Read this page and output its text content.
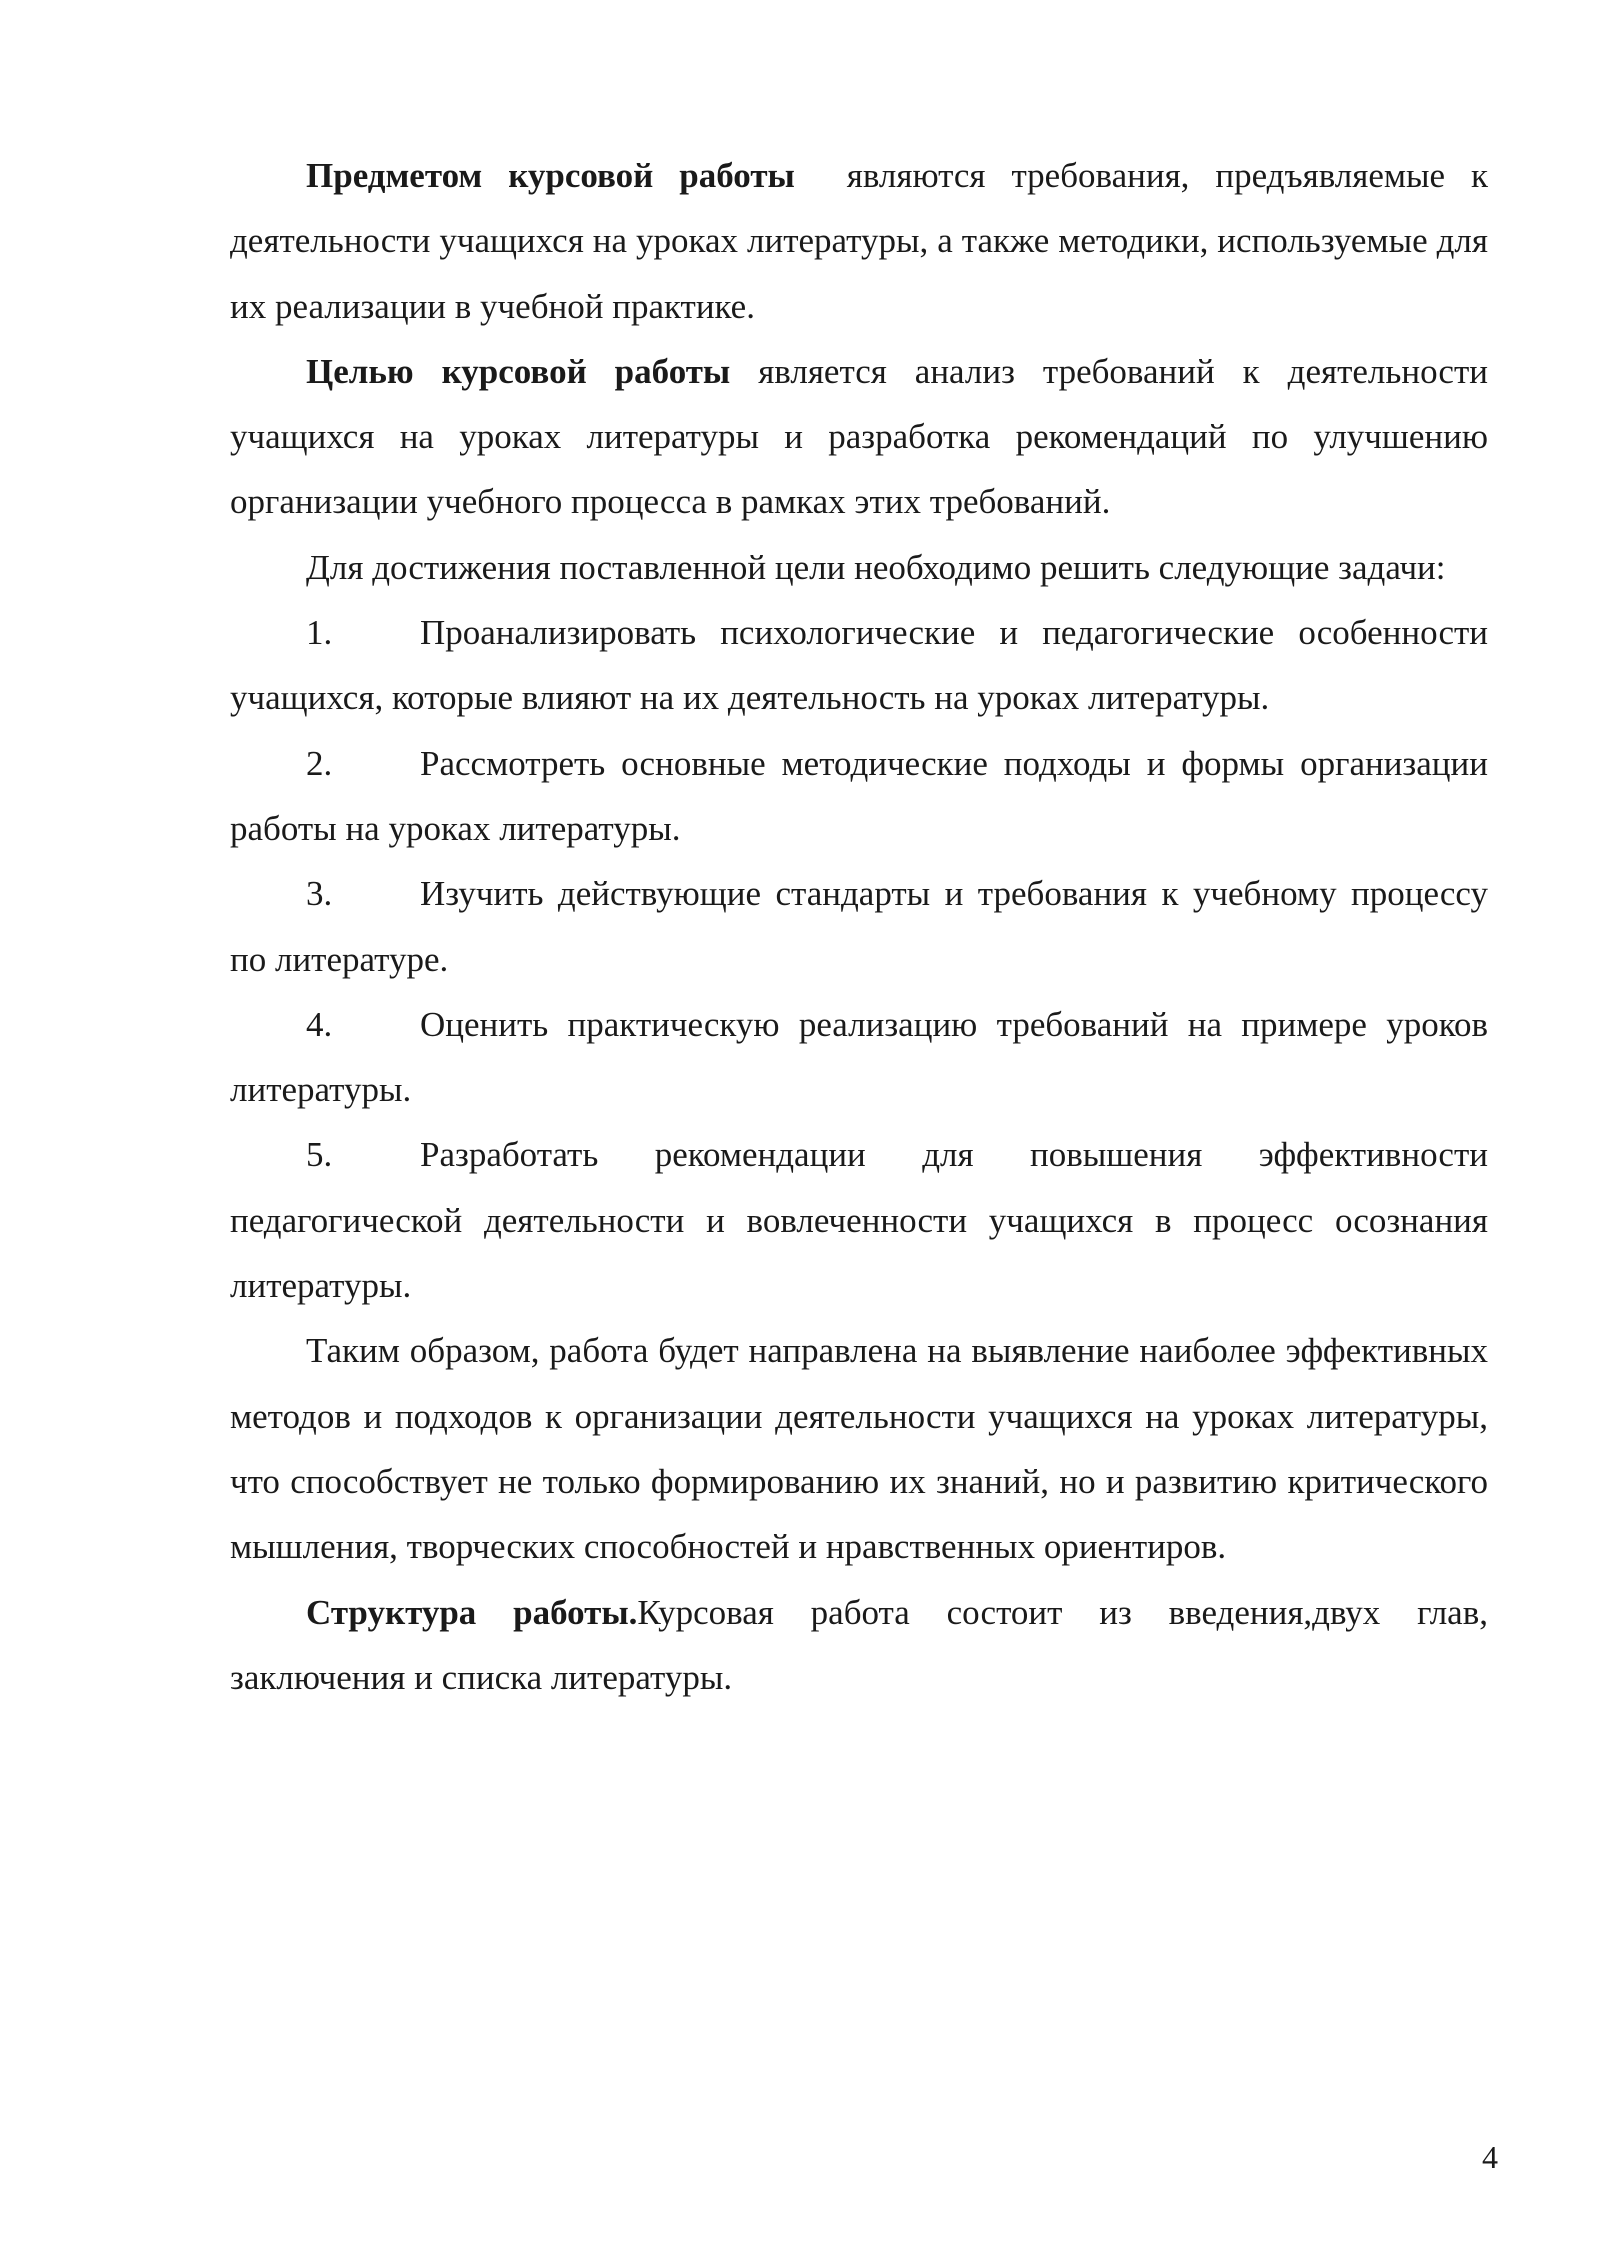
Предметом курсовой работы  являются требования, предъявляемые к деятельности учащихся на уроках литературы, а также методики, используемые для их реализации в учебной практике.

Целью курсовой работы является анализ требований к деятельности учащихся на уроках литературы и разработка рекомендаций по улучшению организации учебного процесса в рамках этих требований.

Для достижения поставленной цели необходимо решить следующие задачи:

1.	Проанализировать психологические и педагогические особенности учащихся, которые влияют на их деятельность на уроках литературы.

2.	Рассмотреть основные методические подходы и формы организации работы на уроках литературы.

3.	Изучить действующие стандарты и требования к учебному процессу по литературе.

4.	Оценить практическую реализацию требований на примере уроков литературы.

5.	Разработать рекомендации для повышения эффективности педагогической деятельности и вовлеченности учащихся в процесс осознания литературы.

Таким образом, работа будет направлена на выявление наиболее эффективных методов и подходов к организации деятельности учащихся на уроках литературы, что способствует не только формированию их знаний, но и развитию критического мышления, творческих способностей и нравственных ориентиров.

Структура работы.Курсовая работа состоит из введения,двух глав, заключения и списка литературы.

4
